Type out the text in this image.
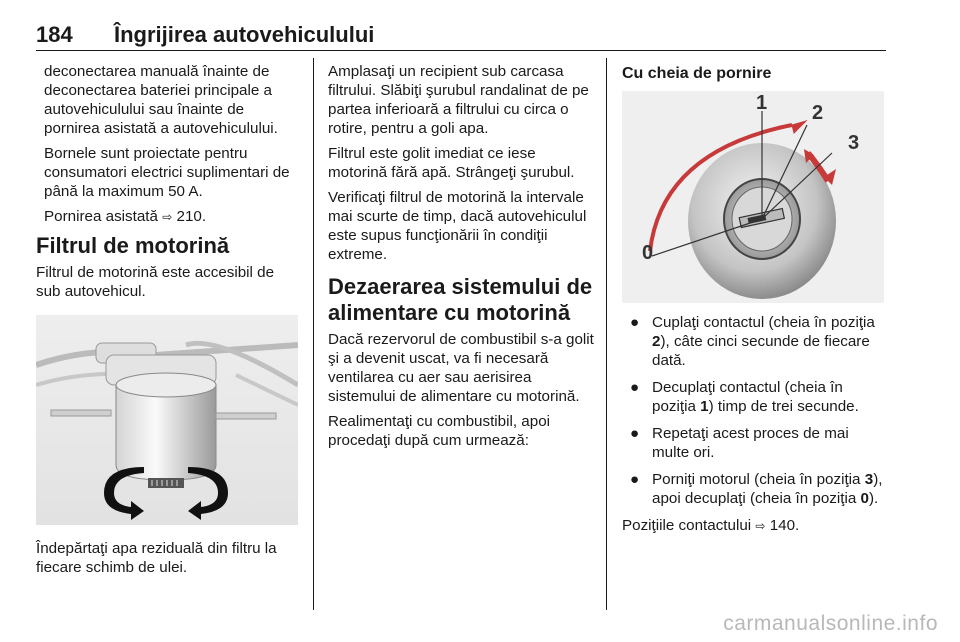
184 Îngrijirea autovehiculului

deconectarea manuală înainte de deconectarea bateriei principale a autovehiculului sau înainte de pornirea asistată a autovehiculului.

Bornele sunt proiectate pentru consumatori electrici suplimentari de până la maximum 50 A.

Pornirea asistată ⇨ 210.

Filtrul de motorină

Filtrul de motorină este accesibil de sub autovehicul.

Îndepărtaţi apa reziduală din filtru la fiecare schimb de ulei.

Amplasaţi un recipient sub carcasa filtrului. Slăbiţi şurubul randalinat de pe partea inferioară a filtrului cu circa o rotire, pentru a goli apa.

Filtrul este golit imediat ce iese motorină fără apă. Strângeţi şurubul.

Verificaţi filtrul de motorină la intervale mai scurte de timp, dacă autovehiculul este supus funcţionării în condiţii extreme.

Dezaerarea sistemului de alimentare cu motorină

Dacă rezervorul de combustibil s-a golit şi a devenit uscat, va fi necesară ventilarea cu aer sau aerisirea sistemului de alimentare cu motorină.

Realimentaţi cu combustibil, apoi procedaţi după cum urmează:

Cu cheia de pornire
1 2
3
0
● Cuplaţi contactul (cheia în poziţia 2), câte cinci secunde de fiecare dată.
● Decuplaţi contactul (cheia în poziţia 1) timp de trei secunde.
● Repetaţi acest proces de mai multe ori.
● Porniţi motorul (cheia în poziţia 3), apoi decuplaţi (cheia în poziţia 0).

Poziţiile contactului ⇨ 140.

carmanualsonline.info
